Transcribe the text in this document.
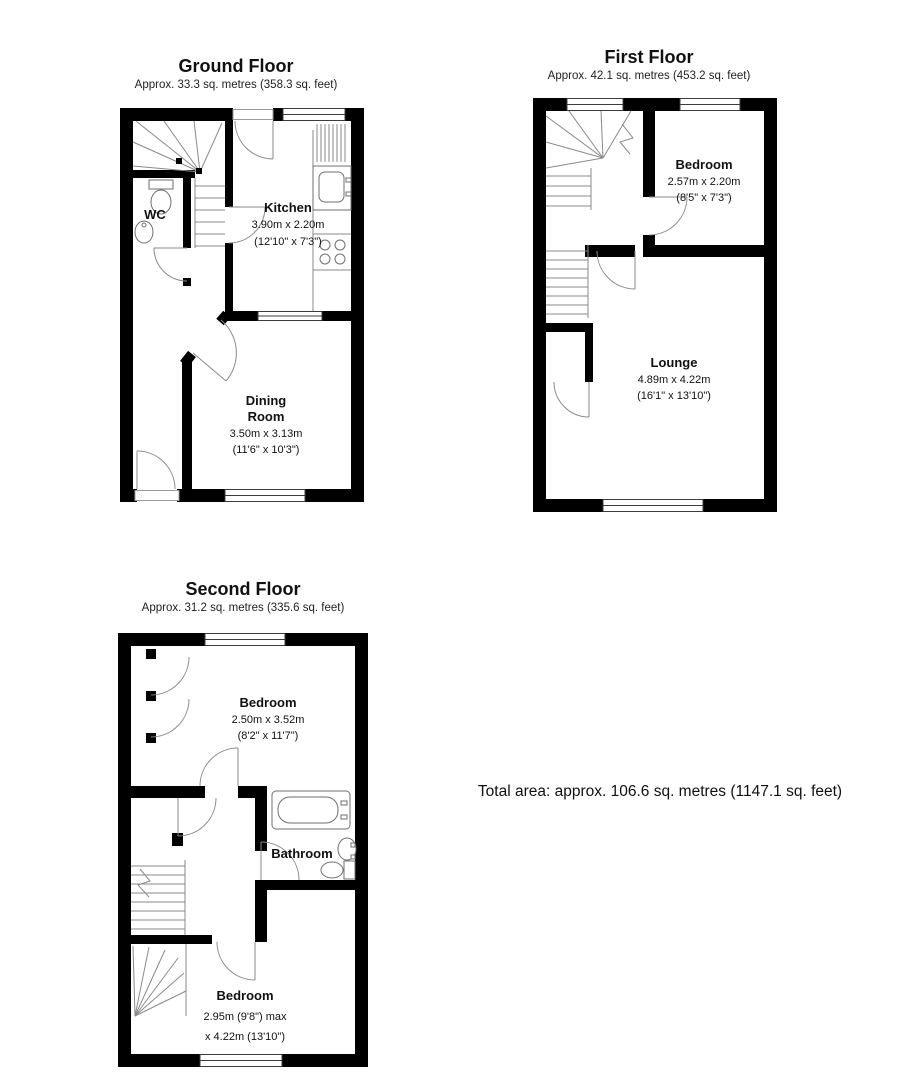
Ground Floor
Approx. 33.3 sq. metres (358.3 sq. feet)
First Floor
Approx. 42.1 sq. metres (453.2 sq. feet)
Second Floor
Approx. 31.2 sq. metres (335.6 sq. feet)
Total area: approx. 106.6 sq. metres (1147.1 sq. feet)
WC	Kitchen
3.90m x 2.20m
(12'10" x 7'3")
Dining
Room
3.50m x 3.13m
(11'6" x 10'3")
Bedroom
2.57m x 2.20m
(8'5" x 7'3")
Lounge
4.89m x 4.22m
(16'1" x 13'10")
Bedroom
2.50m x 3.52m
(8'2" x 11'7")
Bathroom
Bedroom
2.95m (9'8") max
x 4.22m (13'10")
